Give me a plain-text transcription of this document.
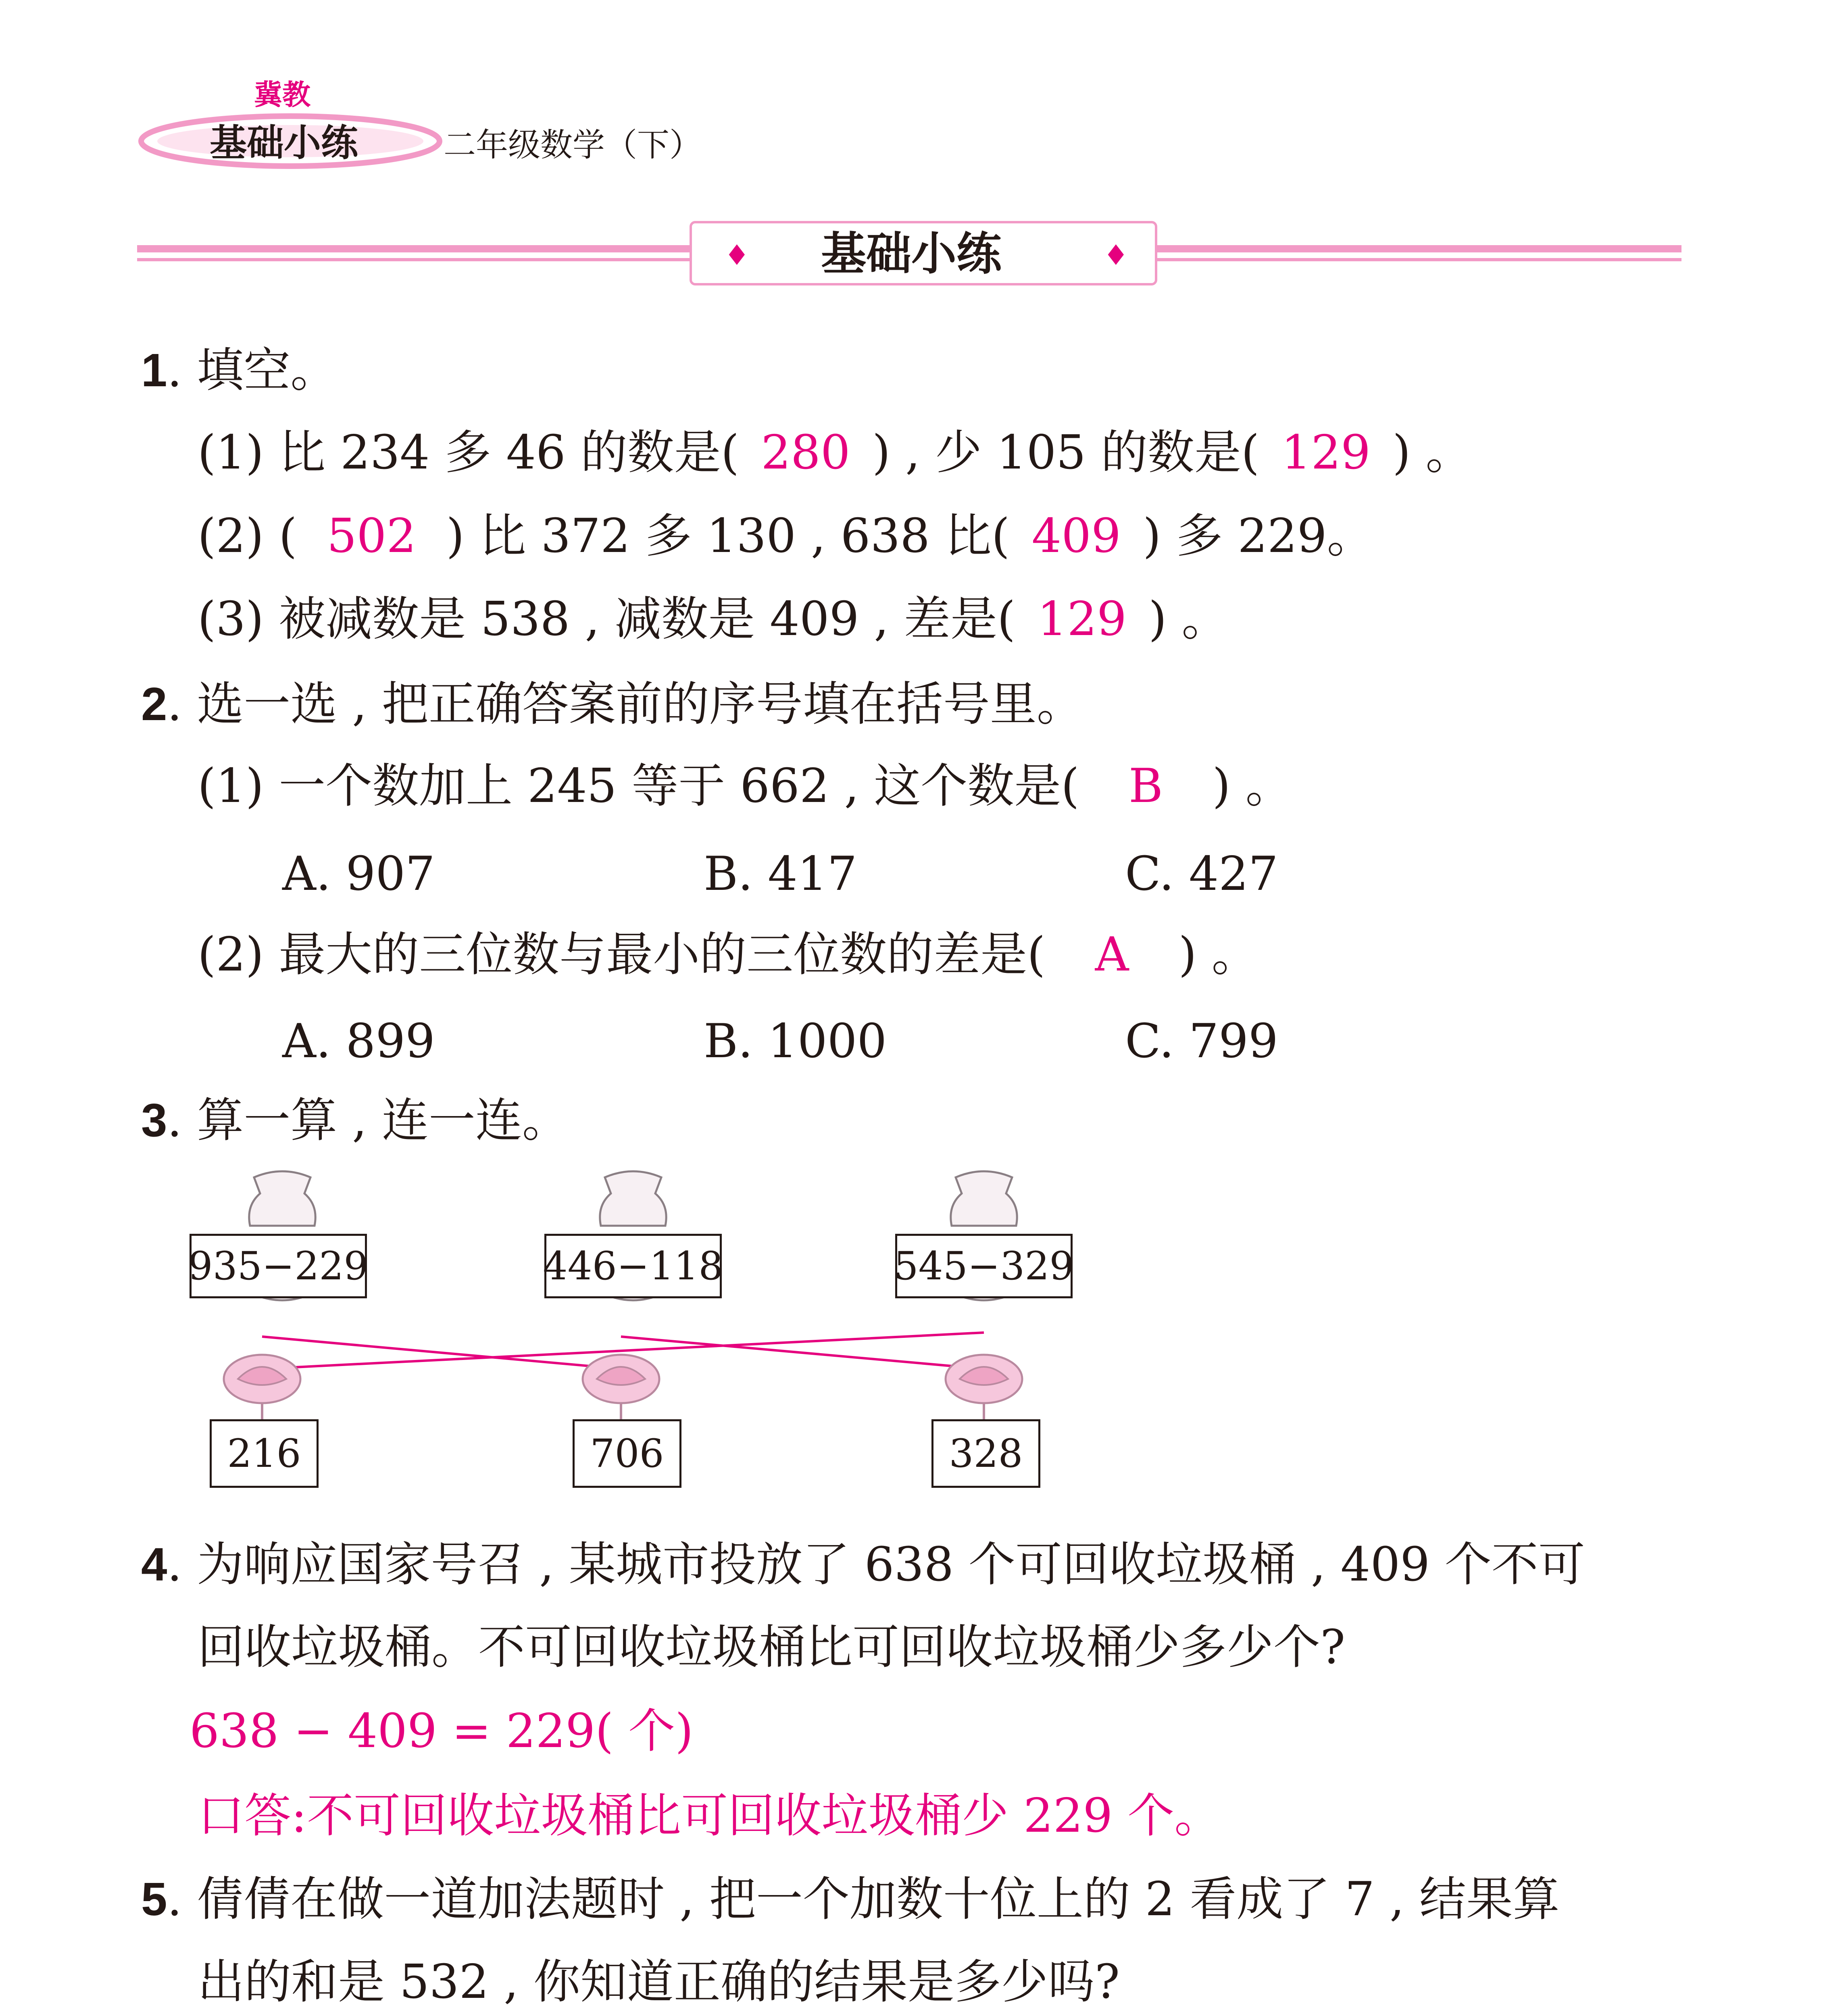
冀教
基础小练	二年级数学（下）
♦ 基础小练	♦
1. 填空。
(1) 比 234 多 46 的数是( 280 ) , 少 105 的数是( 129 ) 。
(2) ( 502 ) 比 372 多 130 , 638 比( 409 ) 多 229。
(3) 被减数是 538 , 减数是 409 , 差是( 129 ) 。
2. 选一选 , 把正确答案前的序号填在括号里。
(1) 一个数加上 245 等于 662 , 这个数是( B ) 。
A. 907	B. 417	C. 427
(2) 最大的三位数与最小的三位数的差是( A ) 。
A. 899	B. 1000	C. 799
3. 算一算 , 连一连。
935−229	446−118	545−329
216	706	328
4. 为响应国家号召 , 某城市投放了 638 个可回收垃圾桶 , 409 个不可
回收垃圾桶。不可回收垃圾桶比可回收垃圾桶少多少个?
638 − 409 = 229( 个)
口答:不可回收垃圾桶比可回收垃圾桶少 229 个。
5. 倩倩在做一道加法题时 , 把一个加数十位上的 2 看成了 7 , 结果算
出的和是 532 , 你知道正确的结果是多少吗?
